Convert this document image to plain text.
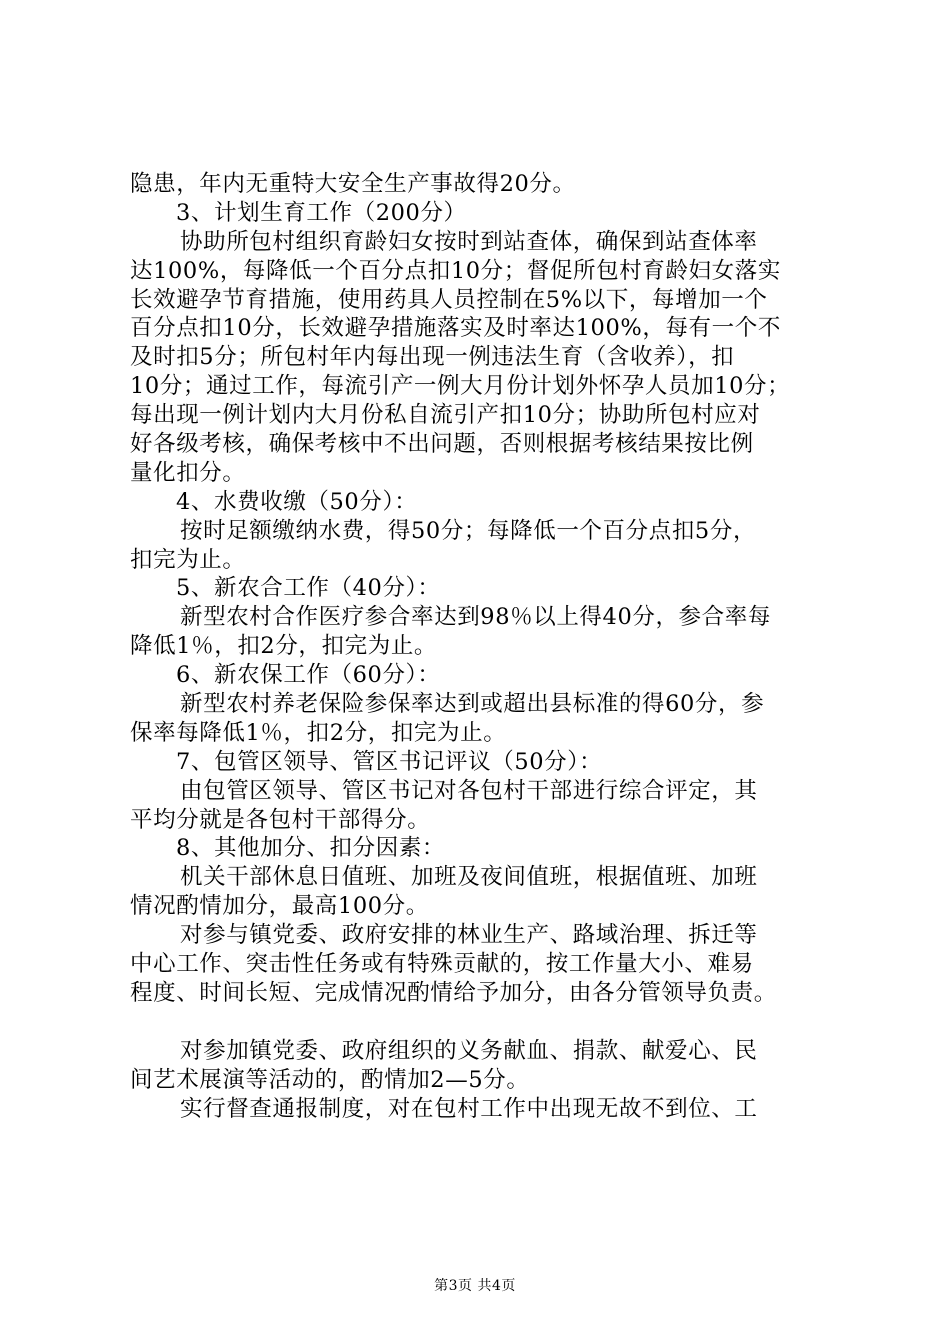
隐患，年内无重特大安全生产事故得20分。
3、计划生育工作（200分）
协助所包村组织育龄妇女按时到站查体，确保到站查体率
达100%，每降低一个百分点扣10分；督促所包村育龄妇女落实
长效避孕节育措施，使用药具人员控制在5%以下，每增加一个
百分点扣10分，长效避孕措施落实及时率达100%，每有一个不
及时扣5分；所包村年内每出现一例违法生育（含收养），扣
10分；通过工作，每流引产一例大月份计划外怀孕人员加10分；
每出现一例计划内大月份私自流引产扣10分；协助所包村应对
好各级考核，确保考核中不出问题，否则根据考核结果按比例
量化扣分。
4、水费收缴（50分）：
按时足额缴纳水费，得50分；每降低一个百分点扣5分，
扣完为止。
5、新农合工作（40分）：
新型农村合作医疗参合率达到98％以上得40分，参合率每
降低1％，扣2分，扣完为止。
6、新农保工作（60分）：
新型农村养老保险参保率达到或超出县标准的得60分，参
保率每降低1％，扣2分，扣完为止。
7、包管区领导、管区书记评议（50分）：
由包管区领导、管区书记对各包村干部进行综合评定，其
平均分就是各包村干部得分。
8、其他加分、扣分因素：
机关干部休息日值班、加班及夜间值班，根据值班、加班
情况酌情加分，最高100分。
对参与镇党委、政府安排的林业生产、路域治理、拆迁等
中心工作、突击性任务或有特殊贡献的，按工作量大小、难易
程度、时间长短、完成情况酌情给予加分，由各分管领导负责。
对参加镇党委、政府组织的义务献血、捐款、献爱心、民
间艺术展演等活动的，酌情加2—5分。
实行督查通报制度，对在包村工作中出现无故不到位、工
第3页 共4页
